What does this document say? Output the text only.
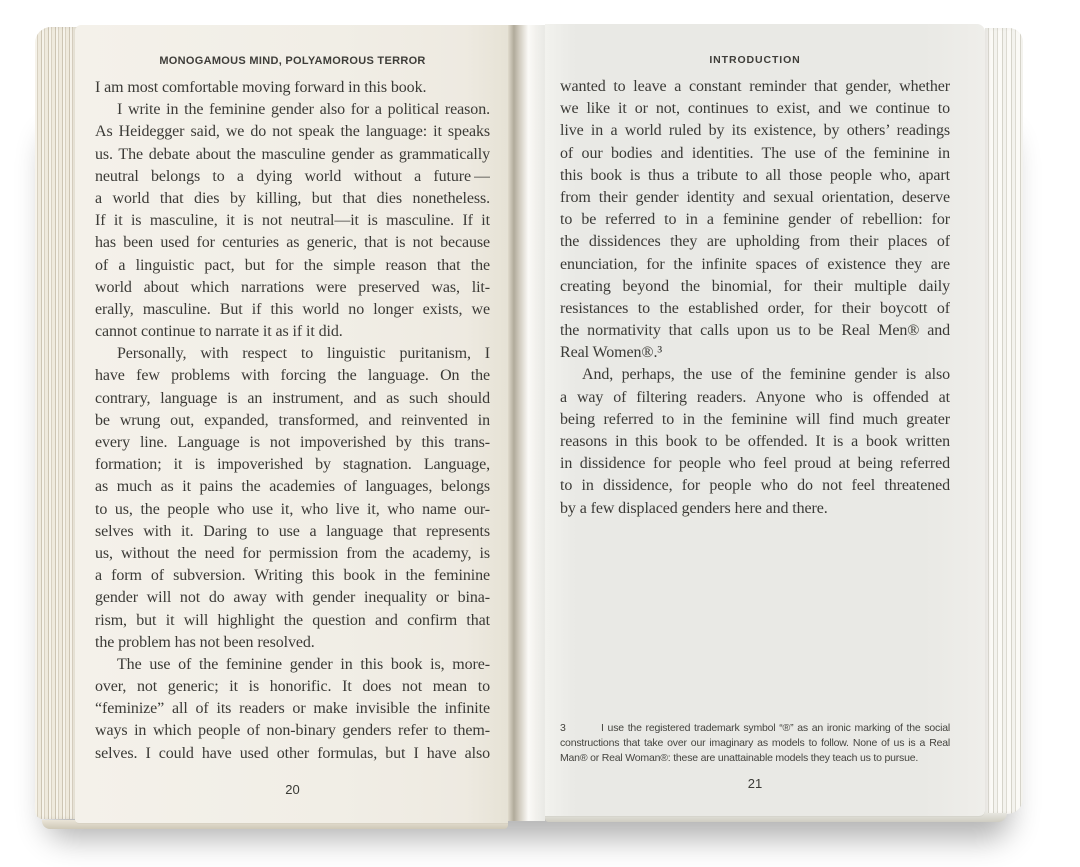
MONOGAMOUS MIND, POLYAMOROUS TERROR
I am most comfortable moving forward in this book.
I write in the feminine gender also for a political reason.
As Heidegger said, we do not speak the language: it speaks
us. The debate about the masculine gender as grammatically
neutral belongs to a dying world without a future —
a world that dies by killing, but that dies nonetheless.
If it is masculine, it is not neutral—it is masculine. If it
has been used for centuries as generic, that is not because
of a linguistic pact, but for the simple reason that the
world about which narrations were preserved was, lit-
erally, masculine. But if this world no longer exists, we
cannot continue to narrate it as if it did.
Personally, with respect to linguistic puritanism, I
have few problems with forcing the language. On the
contrary, language is an instrument, and as such should
be wrung out, expanded, transformed, and reinvented in
every line. Language is not impoverished by this trans-
formation; it is impoverished by stagnation. Language,
as much as it pains the academies of languages, belongs
to us, the people who use it, who live it, who name our-
selves with it. Daring to use a language that represents
us, without the need for permission from the academy, is
a form of subversion. Writing this book in the feminine
gender will not do away with gender inequality or bina-
rism, but it will highlight the question and confirm that
the problem has not been resolved.
The use of the feminine gender in this book is, more-
over, not generic; it is honorific. It does not mean to
“feminize” all of its readers or make invisible the infinite
ways in which people of non-binary genders refer to them-
selves. I could have used other formulas, but I have also
20
INTRODUCTION
wanted to leave a constant reminder that gender, whether
we like it or not, continues to exist, and we continue to
live in a world ruled by its existence, by others’ readings
of our bodies and identities. The use of the feminine in
this book is thus a tribute to all those people who, apart
from their gender identity and sexual orientation, deserve
to be referred to in a feminine gender of rebellion: for
the dissidences they are upholding from their places of
enunciation, for the infinite spaces of existence they are
creating beyond the binomial, for their multiple daily
resistances to the established order, for their boycott of
the normativity that calls upon us to be Real Men® and
Real Women®.³
And, perhaps, the use of the feminine gender is also
a way of filtering readers. Anyone who is offended at
being referred to in the feminine will find much greater
reasons in this book to be offended. It is a book written
in dissidence for people who feel proud at being referred
to in dissidence, for people who do not feel threatened
by a few displaced genders here and there.
3	I use the registered trademark symbol “®” as an ironic marking of the social
constructions that take over our imaginary as models to follow. None of us is a Real
Man® or Real Woman®: these are unattainable models they teach us to pursue.
21
